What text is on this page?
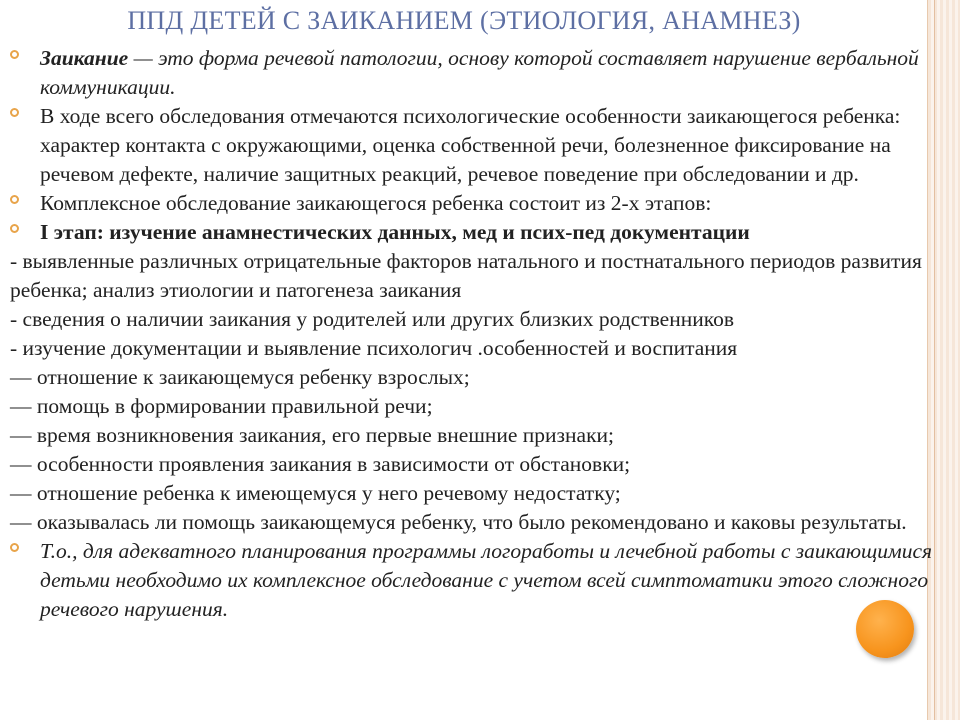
ППД ДЕТЕЙ С ЗАИКАНИЕМ (ЭТИОЛОГИЯ, АНАМНЕЗ)
Заикание — это форма речевой патологии, основу которой составляет нарушение вербальной коммуникации.
В ходе всего обследования отмечаются психологические особенности заикающегося ребенка: характер контакта с окружающими, оценка собственной речи, болезненное фиксирование на речевом дефекте, наличие защитных реакций, речевое поведение при обследовании и др.
Комплексное обследование заикающегося ребенка состоит из 2-х этапов:
I этап: изучение анамнестических данных, мед и псих-пед документации
- выявленные различных отрицательные факторов натального и постнатального периодов развития ребенка; анализ этиологии и патогенеза заикания
- сведения о наличии заикания у родителей или других близких родственников
- изучение документации и выявление психологич .особенностей и воспитания
— отношение к заикающемуся ребенку взрослых;
— помощь в формировании правильной речи;
— время возникновения заикания, его первые внешние признаки;
— особенности проявления заикания в зависимости от обстановки;
— отношение ребенка к имеющемуся у него речевому недостатку;
— оказывалась ли помощь заикающемуся ребенку, что было рекомендовано и каковы результаты.
Т.о., для адекватного планирования программы логоработы и лечебной работы с заикающимися детьми необходимо их комплексное обследование с учетом всей симптоматики этого сложного речевого нарушения.
